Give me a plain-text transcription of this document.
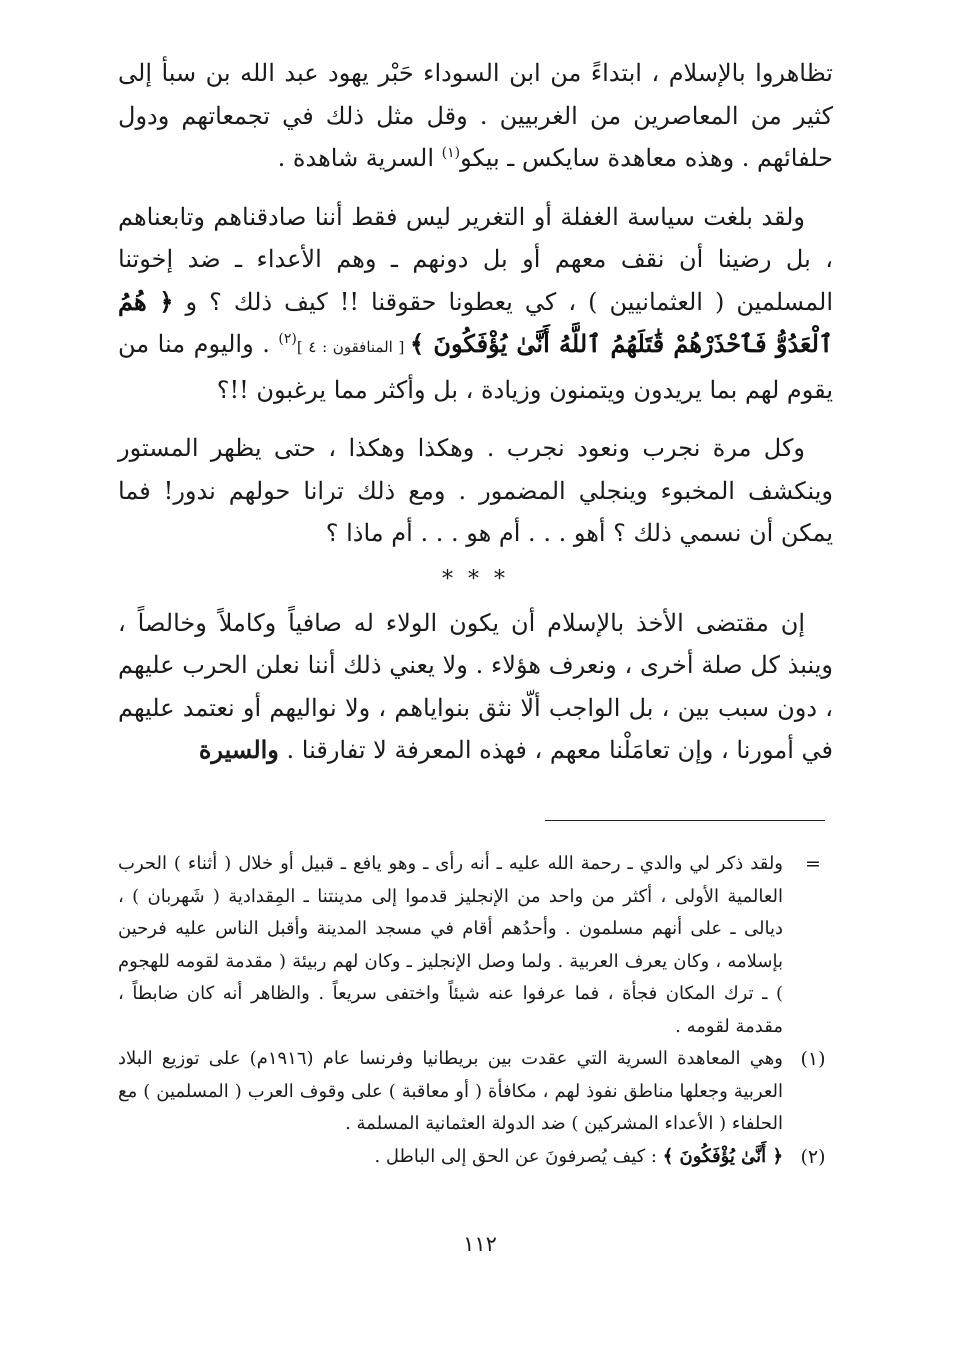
تظاهروا بالإسلام ، ابتداءً من ابن السوداء حَبْر يهود عبد الله بن سبأ إلى كثير من المعاصرين من الغربيين . وقل مثل ذلك في تجمعاتهم ودول حلفائهم . وهذه معاهدة سايكس ـ بيكو$^{(١)}$ السرية شاهدة .

ولقد بلغت سياسة الغفلة أو التغرير ليس فقط أننا صادقناهم وتابعناهم ، بل رضينا أن نقف معهم أو بل دونهم ـ وهم الأعداء ـ ضد إخوتنا المسلمين ( العثمانيين ) ، كي يعطونا حقوقنا !! كيف ذلك ؟ و ﴿ هُمُ ٱلْعَدُوُّ فَٱحْذَرْهُمْ قَٰتَلَهُمُ ٱللَّهُ أَنَّىٰ يُؤْفَكُونَ ﴾ [ المنافقون : ٤ ]$^{(٢)}$ . واليوم منا من يقوم لهم بما يريدون ويتمنون وزيادة ، بل وأكثر مما يرغبون !!؟

وكل مرة نجرب ونعود نجرب . وهكذا وهكذا ، حتى يظهر المستور وينكشف المخبوء وينجلي المضمور . ومع ذلك ترانا حولهم ندور! فما يمكن أن نسمي ذلك ؟ أهو . . . أم هو . . . أم ماذا ؟

* * *

إن مقتضى الأخذ بالإسلام أن يكون الولاء له صافياً وكاملاً وخالصاً ، وينبذ كل صلة أخرى ، ونعرف هؤلاء . ولا يعني ذلك أننا نعلن الحرب عليهم ، دون سبب بين ، بل الواجب ألّا نثق بنواياهم ، ولا نواليهم أو نعتمد عليهم في أمورنا ، وإن تعامَلْنا معهم ، فهذه المعرفة لا تفارقنا . والسيرة

=
ولقد ذكر لي والدي ـ رحمة الله عليه ـ أنه رأى ـ وهو يافع ـ قبيل أو خلال ( أثناء ) الحرب العالمية الأولى ، أكثر من واحد من الإنجليز قدموا إلى مدينتنا ـ المِقدادية ( شَهربان ) ، ديالى ـ على أنهم مسلمون . وأحدُهم أقام في مسجد المدينة وأقبل الناس عليه فرحين بإسلامه ، وكان يعرف العربية . ولما وصل الإنجليز ـ وكان لهم ربيئة ( مقدمة لقومه للهجوم ) ـ ترك المكان فجأة ، فما عرفوا عنه شيئاً واختفى سريعاً . والظاهر أنه كان ضابطاً ، مقدمة لقومه .
(١)
وهي المعاهدة السرية التي عقدت بين بريطانيا وفرنسا عام (١٩١٦م) على توزيع البلاد العربية وجعلها مناطق نفوذ لهم ، مكافأة ( أو معاقبة ) على وقوف العرب ( المسلمين ) مع الحلفاء ( الأعداء المشركين ) ضد الدولة العثمانية المسلمة .
(٢)
﴿ أَنَّىٰ يُؤْفَكُونَ ﴾ : كيف يُصرفونَ عن الحق إلى الباطل .
١١٢
